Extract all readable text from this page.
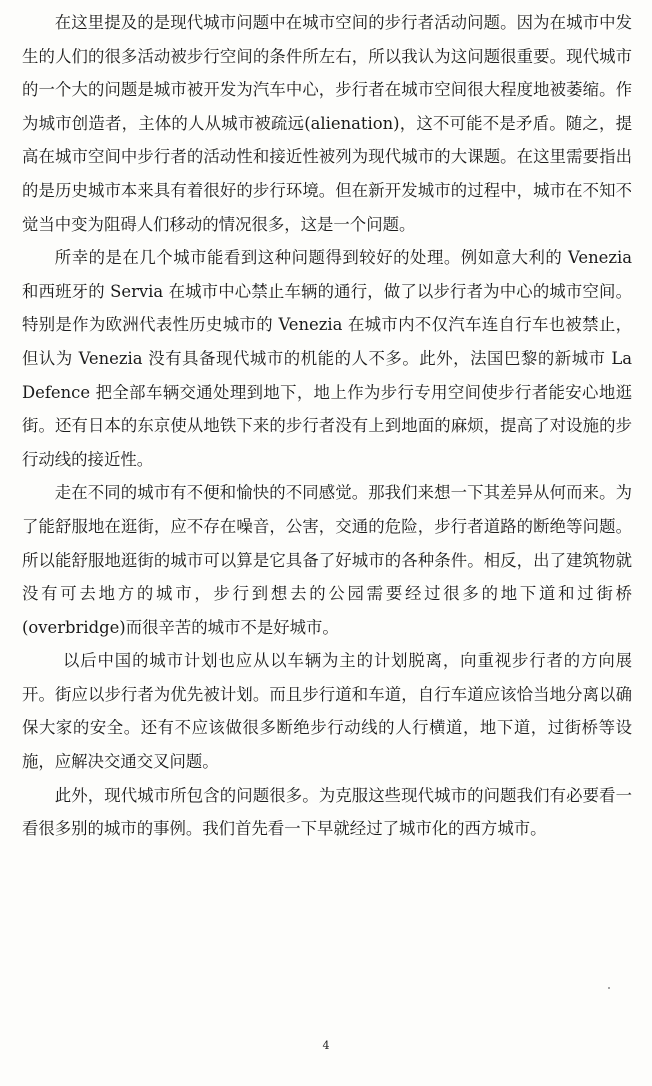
在这里提及的是现代城市问题中在城市空间的步行者活动问题。因为在城市中发生的人们的很多活动被步行空间的条件所左右，所以我认为这问题很重要。现代城市的一个大的问题是城市被开发为汽车中心，步行者在城市空间很大程度地被萎缩。作为城市创造者，主体的人从城市被疏远(alienation)，这不可能不是矛盾。随之，提高在城市空间中步行者的活动性和接近性被列为现代城市的大课题。在这里需要指出的是历史城市本来具有着很好的步行环境。但在新开发城市的过程中，城市在不知不觉当中变为阻碍人们移动的情况很多，这是一个问题。

所幸的是在几个城市能看到这种问题得到较好的处理。例如意大利的 Venezia 和西班牙的 Servia 在城市中心禁止车辆的通行，做了以步行者为中心的城市空间。特别是作为欧洲代表性历史城市的 Venezia 在城市内不仅汽车连自行车也被禁止，但认为 Venezia 没有具备现代城市的机能的人不多。此外，法国巴黎的新城市 La Defence 把全部车辆交通处理到地下，地上作为步行专用空间使步行者能安心地逛街。还有日本的东京使从地铁下来的步行者没有上到地面的麻烦，提高了对设施的步行动线的接近性。

走在不同的城市有不便和愉快的不同感觉。那我们来想一下其差异从何而来。为了能舒服地在逛街，应不存在噪音，公害，交通的危险，步行者道路的断绝等问题。所以能舒服地逛街的城市可以算是它具备了好城市的各种条件。相反，出了建筑物就没有可去地方的城市，步行到想去的公园需要经过很多的地下道和过街桥(overbridge)而很辛苦的城市不是好城市。

以后中国的城市计划也应从以车辆为主的计划脱离，向重视步行者的方向展开。街应以步行者为优先被计划。而且步行道和车道，自行车道应该恰当地分离以确保大家的安全。还有不应该做很多断绝步行动线的人行横道，地下道，过街桥等设施，应解决交通交叉问题。

此外，现代城市所包含的问题很多。为克服这些现代城市的问题我们有必要看一看很多别的城市的事例。我们首先看一下早就经过了城市化的西方城市。

4
